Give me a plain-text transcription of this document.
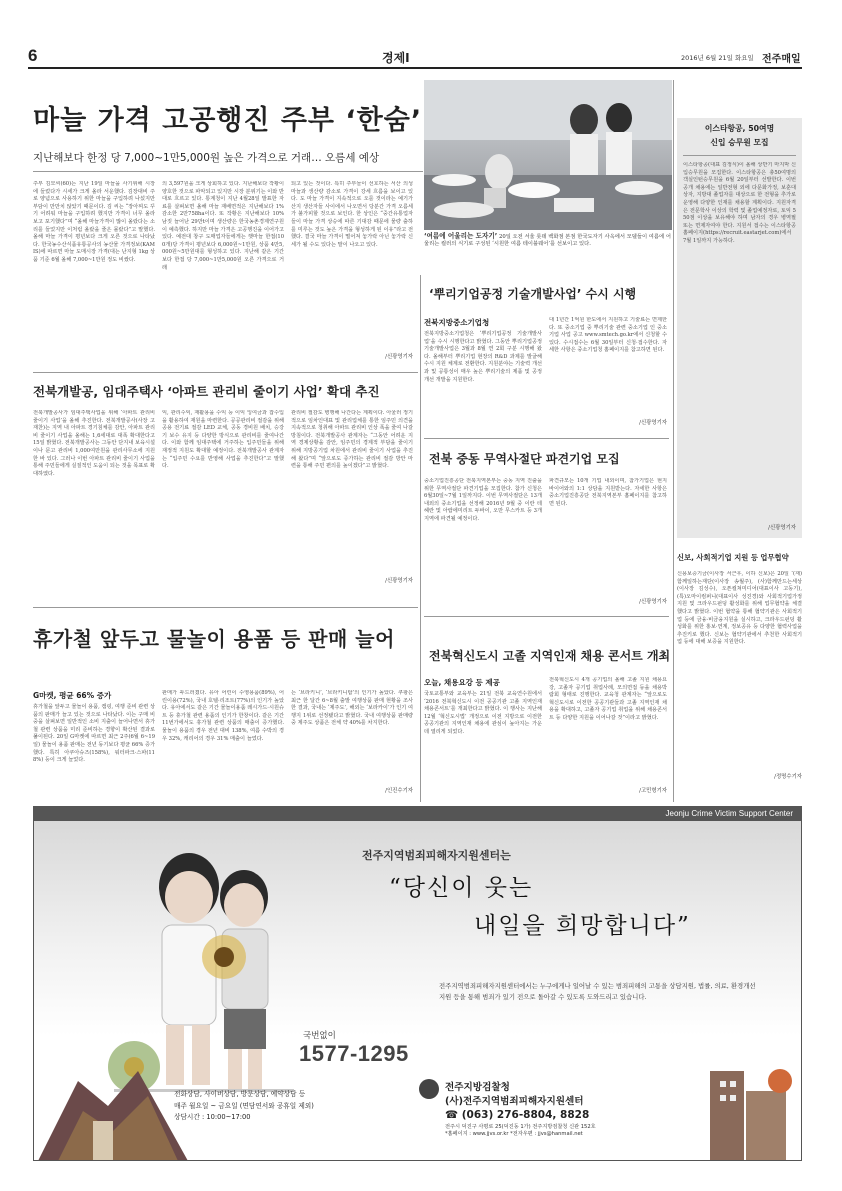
6	경제Ⅰ	2016년 6월 21일 화요일 전주매일
마늘 가격 고공행진 주부 ‘한숨’
지난해보다 한정 당 7,000~1만5,000원 높은 가격으로 거래… 오름세 예상
주부 김모씨(60)는 지난 19일 마늘을 사기위해 시장에 들렀다가 시세가 크게 올라 서운했다. 김장대비 주로 양념으로 사용하기 위한 마늘을 구입하려 나섰지만 부담이 만만치 않았기 때문이다. 김 씨는 “장아찌도 꾸기 어려워 마늘을 구입하려 했지만 가격이 너무 올라 보고 포기했다”며 “올해 마늘가격이 많이 올랐다는 소리를 들었지만 이처럼 올랐을 줄은 몰랐다”고 말했다. 올해 마늘 가격이 평년보다 크게 오른 것으로 나타났다. 한국농수산식품유통공사의 농산물 가격정보(KAMIS)에 따르면 마늘 도매시장 가격(대는 난지형 1kg 상품 기준 6월 올해 7,000~1만원 정도 비쌌다.
의 3,597원을 크게 상회하고 있다. 지난해보다 작황이 양호한 것으로 파악되고 있지만 시장 분위기는 이와 반대로 흐르고 있다. 통계청이 지난 4월28일 발표한 자료를 살펴보면 올해 마늘 재배면적은 지난해보다 1% 감소한 2만758ha이다. 또 작황은 지난해보다 10% 남짓 늘어난 29만t이며 생산량은 한국농촌경제연구원이 예측했다. 하지만 마늘 가격은 고공행진을 이어가고 있다. 예전대 창구 도매업자들에게는 햇마늘 한접(100개)당 가격이 평년보다 6,000원~1만원, 상품 4만5,000원~5만원대를 형성하고 있다. 지난해 같은 기간보다 한접 당 7,000~1만5,000원 오른 가격으로 거래
되고 있는 것이다. 특히 주부들이 선호하는 서산 의성 마늘과 생산량 감소로 가격이 강세 흐름을 보이고 있다. 도 마늘 가격이 지속적으로 오를 것이라는 예기가 산지 생산자들 사이에서 나오면서 당분간 가격 오름세가 불가피할 것으로 보인다. 한 상인은 “중간유통업자들이 마늘 가격 상승에 따른 기대감 때문에 물량 출하를 미루는 것도 높은 가격을 형성하게 된 이유”라고 전했다. 결국 마늘 가격이 떨어져 놓가락 아닌 놓가락 신세가 될 수도 있다는 말이 나오고 있다.
/신광영기자
‘여름에 어울리는 도자기’ 20일 오전 서울 롯데 백화점 본점 한국도자기 사옥에서 모델들이 여름에 어울리는 컬러의 식기로 구성된 ‘시원한 여름 테이블웨어’를 선보이고 있다.
‘뿌리기업공정 기술개발사업’ 수시 시행
전북지방중소기업청
전북지방중소기업청은 ‘뿌리기업공정 기술개발사업’을 수시 시행한다고 밝혔다. 그동안 뿌리기업공정 기술개발사업은 3월과 8월 연 2회 구분 시행해 왔다. 올해부터 뿌리기업 현장의 R&D 과제를 발굴해 수시 지원 체계로 전환한다. 지원분야는 기술력 개선과 및 공통성이 매우 높은 뿌리기술의 제품 및 공정개선 개발을 지원한다.
대 1년간 1억원 한도에서 지원하고 기술료는 면제한다. 또 중소기업 중 뿌리기술 관련 중소기업 인 중소기업 사업 공고 www.smtech.go.kr에서 신청할 수 있다. 수시접수는 6월 30일부터 신청·접수한다. 자세한 사항은 중소기업청 홈페이지를 참고하면 된다.
/신광영기자
전북개발공, 임대주택사 ‘아파트 관리비 줄이기 사업’ 확대 추진
전북개발공사가 임대주택사업을 위해 ‘아파트 관리비 줄이기 사업’을 올해 추진한다. 전북개발공사(사장 고재찬)는 지역 내 아파트 경기침체를 감안, 아파트 관리비 줄이기 사업을 올해는 1,6세대로 대폭 확대한다고 15일 밝혔다. 전북개발공사는 그동안 단지내 보육시설이나 문고 관리비 1,000여만원을 관리사무소에 지원한 바 있다. 그러나 이번 아파트 관리비 줄이기 사업을 통해 주민들에게 실질적인 도움이 되는 것을 목표로 확대하였다.
익, 관리수익, 재활용을 수익 등 이익 잉여금과 잡수입을 활용하여 재원을 마련한다. 공공관리비 절감을 위해 공용 전기료 절감 LED 교체, 공동 경비원 배치, 승강기 보수 유지 등 다양한 방식으로 관리비를 줄여나간다. 이와 함께 임대주택에 거주하는 입주민들을 위해 재정적 지원도 확대할 예정이다. 전북개발공사 관계자는 “입주민 수요를 반영해 사업을 추진한다”고 말했다.
관리비 절감도 병행해 나간다는 계획이다. 아울러 정기적으로 임차인대표 및 관리업체를 통한 임주민 의견을 지속적으로 청취해 아파트 관리비 인상 폭을 줄여 나갈 방침이다. 전북개발공사 관계자는 “그동안 어려운 지역 경제상황을 감안, 임주민의 경제적 부담을 줄이기 위해 지방공기업 차원에서 관리비 줄이기 사업을 추진해 왔다”며 “앞으로도 증가하는 관리비 절감 방안 마련을 통해 주민 편의를 높이겠다”고 밝혔다.
/신광영기자
전북 중동 무역사절단 파견기업 모집
중소기업진흥공단 전북지역본부는 중동 지역 진출을 위한 무역사절단 파견기업을 모집한다. 참가 신청은 6월30일~7월 1일까지다. 이번 무역사절단은 13개 내외의 중소기업을 선정해 2016년 9월 중 이란 테헤란 및 아랍에미리트 두바이, 오만 무스카트 등 3개 지역에 파견될 예정이다.
파견규모는 10개 기업 내외이며, 참가기업은 현지 바이어와의 1:1 상담을 지원받는다. 자세한 사항은 중소기업진흥공단 전북지역본부 홈페이지를 참고하면 된다.
/신광영기자
휴가철 앞두고 물놀이 용품 등 판매 늘어
G마켓, 평균 66% 증가
휴가철을 앞두고 물놀이 용품, 캠핑, 여행 준비 관련 상품의 판매가 늘고 있는 것으로 나타났다. 이는 구매 비중을 살펴보면 일반적인 소비 지출이 늘어나면서 휴가철 관련 상품을 미리 준비하는 경향이 확산된 결과로 풀이된다. 20일 G마켓에 따르면 최근 2주(6월 6~19일) 물놀이 용품 판매는 전년 동기보다 평균 66% 증가했다. 특히 아쿠아슈즈(158%), 워터파크·스파(118%) 등이 크게 늘었다.
판매가 두드러졌다. 유아 어린이 수영용품(89%), 어린이용(72%), 국내 호텔·리조트(77%)의 인기가 높았다. 유아에서도 같은 기간 물놀이용품 레시가드·시원슈트 등 휴가철 관련 용품의 인기가 한창이다. 같은 기간 11번가에서도 휴가철 관련 상품의 매출이 증가했다. 물놀이 용품의 경우 전년 대비 138%, 여름 수박의 경우 32%, 캐리어의 경우 31% 매출이 늘었다.
는 ‘브라키니’, ‘브라키니탑’의 인기가 높았다. 쿠팡은 최근 한 달간 6~8월 출발 여행상품 판매 현황을 조사한 결과, 국내는 ‘제주도’, 해외는 ‘보라카이’가 인기 여행지 1위로 선정됐다고 밝혔다. 국내 여행상품 판매량 중 제주도 상품은 전체 약 40%를 차지한다.
/인진수기자
전북혁신도시 고졸 지역인재 채용 콘서트 개최
오늘, 채용요강 등 제공
국토교통부와 교육부는 21일 전북 교육연수원에서 ‘2016 전북혁신도시 이전 공공기관 고졸 지역인재 채용콘서트’를 개최한다고 밝혔다. 이 행사는 지난해 12월 ‘혁신도시법’ 개정으로 이전 지방으로 이전한 공공기관의 지역인재 채용에 관심이 높아지는 가운데 열리게 되었다.
전북혁신도시 4개 공기업의 올해 고졸 지원 채용요강, 고졸자 공기업 취업사례, 모의면접 등을 채용박람회 형태로 진행한다. 교육청 관계자는 “앞으로도 혁신도시로 이전한 공공기관들과 고졸 지역인재 채용을 확대하고, 고졸자 공기업 취업을 위해 채용콘서트 등 다양한 지원을 이어나갈 것”이라고 밝혔다.
/고민형기자
이스타항공, 50여명
신입 승무원 모집
이스타항공(대표 김정식)이 올해 상반기 마지막 신입승무원을 모집한다. 이스타항공은 총50여명의 객실인턴승무원을 6월 20일부터 선발한다. 이번 공개 채용에는 일반전형 외에 다문화가정, 보훈대상자, 지방대 졸업자를 대상으로 한 전형을 추가로 운영해 다양한 인재를 채용할 계획이다. 지원자격은 전문학사 이상의 학력 및 졸업예정자로, 토익 550점 이상을 보유해야 하며 남자의 경우 병역필 또는 면제자여야 한다. 지원서 접수는 이스타항공 홈페이지(https://recruit.eastarjet.com)에서 7월 1일까지 가능하다.
/신광영기자
신보, 사회적기업 지원 등 업무협약
신용보증기금(이사장 서근우, 이하 신보)은 20일 ‘(재)함께일하는재단(이사장 송월주), (사)함께만드는세상(이사장 김성수), 오픈컬쳐미디어(대표이사 고동기), (특)오마이컴퍼니(대표이사 성진경)와 사회적기업가정 지원 및 크라우드펀딩 활성화를 위해 업무협약을 체결했다고 밝혔다. 이번 협약을 통해 협약기관은 사회적기업 등에 금융·비금융지원을 실시하고, 크라우드펀딩 활성화를 위한 홍보·연계, 정보공유 등 다양한 협력사업을 추진키로 했다. 신보는 협약기관에서 추천한 사회적기업 등에 대해 보증을 지원한다.
/정명수기자
Jeonju Crime Victim Support Center
전주지역범죄피해자지원센터는
“당신이 웃는
내일을 희망합니다”
전주지역범죄피해자지원센터에서는 누구에게나 일어날 수 있는 범죄피해의 고통을 상담지원, 법률, 의료, 환경개선 지원 등을 통해 범죄가 있기 전으로 돌아갈 수 있도록 도와드리고 있습니다.
국번없이
1577-1295
전화상담, 사이버상담, 방문상담, 예약상담 등
매주 월요일 ~ 금요일 (면담연서와 공휴일 제외)
상담시간 : 10:00~17:00
전주지방검찰청
(사)전주지역범죄피해자지원센터
☎ (063) 276-8804, 8828
전주시 덕진구 사평로 25(덕진동 1가) 전주지방검찰청 신관 152호
*홈페이지 : www.jjvs.or.kr *전자우편 : jjvs@hanmail.net
